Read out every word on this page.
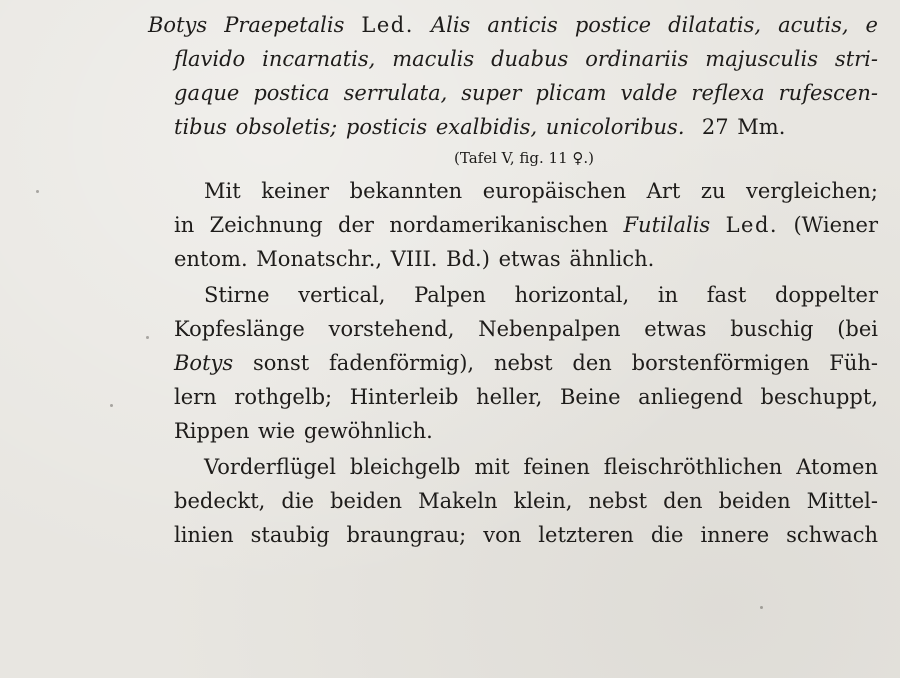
Botys Praepetalis Led. Alis anticis postice dilatatis, acutis, e
flavido incarnatis, maculis duabus ordinariis majusculis stri-
gaque postica serrulata, super plicam valde reflexa rufescen-
tibus obsoletis; posticis exalbidis, unicoloribus. 27 Mm.
(Tafel V, fig. 11 ♀.)
Mit keiner bekannten europäischen Art zu vergleichen;
in Zeichnung der nordamerikanischen Futilalis Led. (Wiener
entom. Monatschr., VIII. Bd.) etwas ähnlich.
Stirne vertical, Palpen horizontal, in fast doppelter
Kopfeslänge vorstehend, Nebenpalpen etwas buschig (bei
Botys sonst fadenförmig), nebst den borstenförmigen Füh-
lern rothgelb; Hinterleib heller, Beine anliegend beschuppt,
Rippen wie gewöhnlich.
Vorderflügel bleichgelb mit feinen fleischröthlichen Atomen
bedeckt, die beiden Makeln klein, nebst den beiden Mittel-
linien staubig braungrau; von letzteren die innere schwach
